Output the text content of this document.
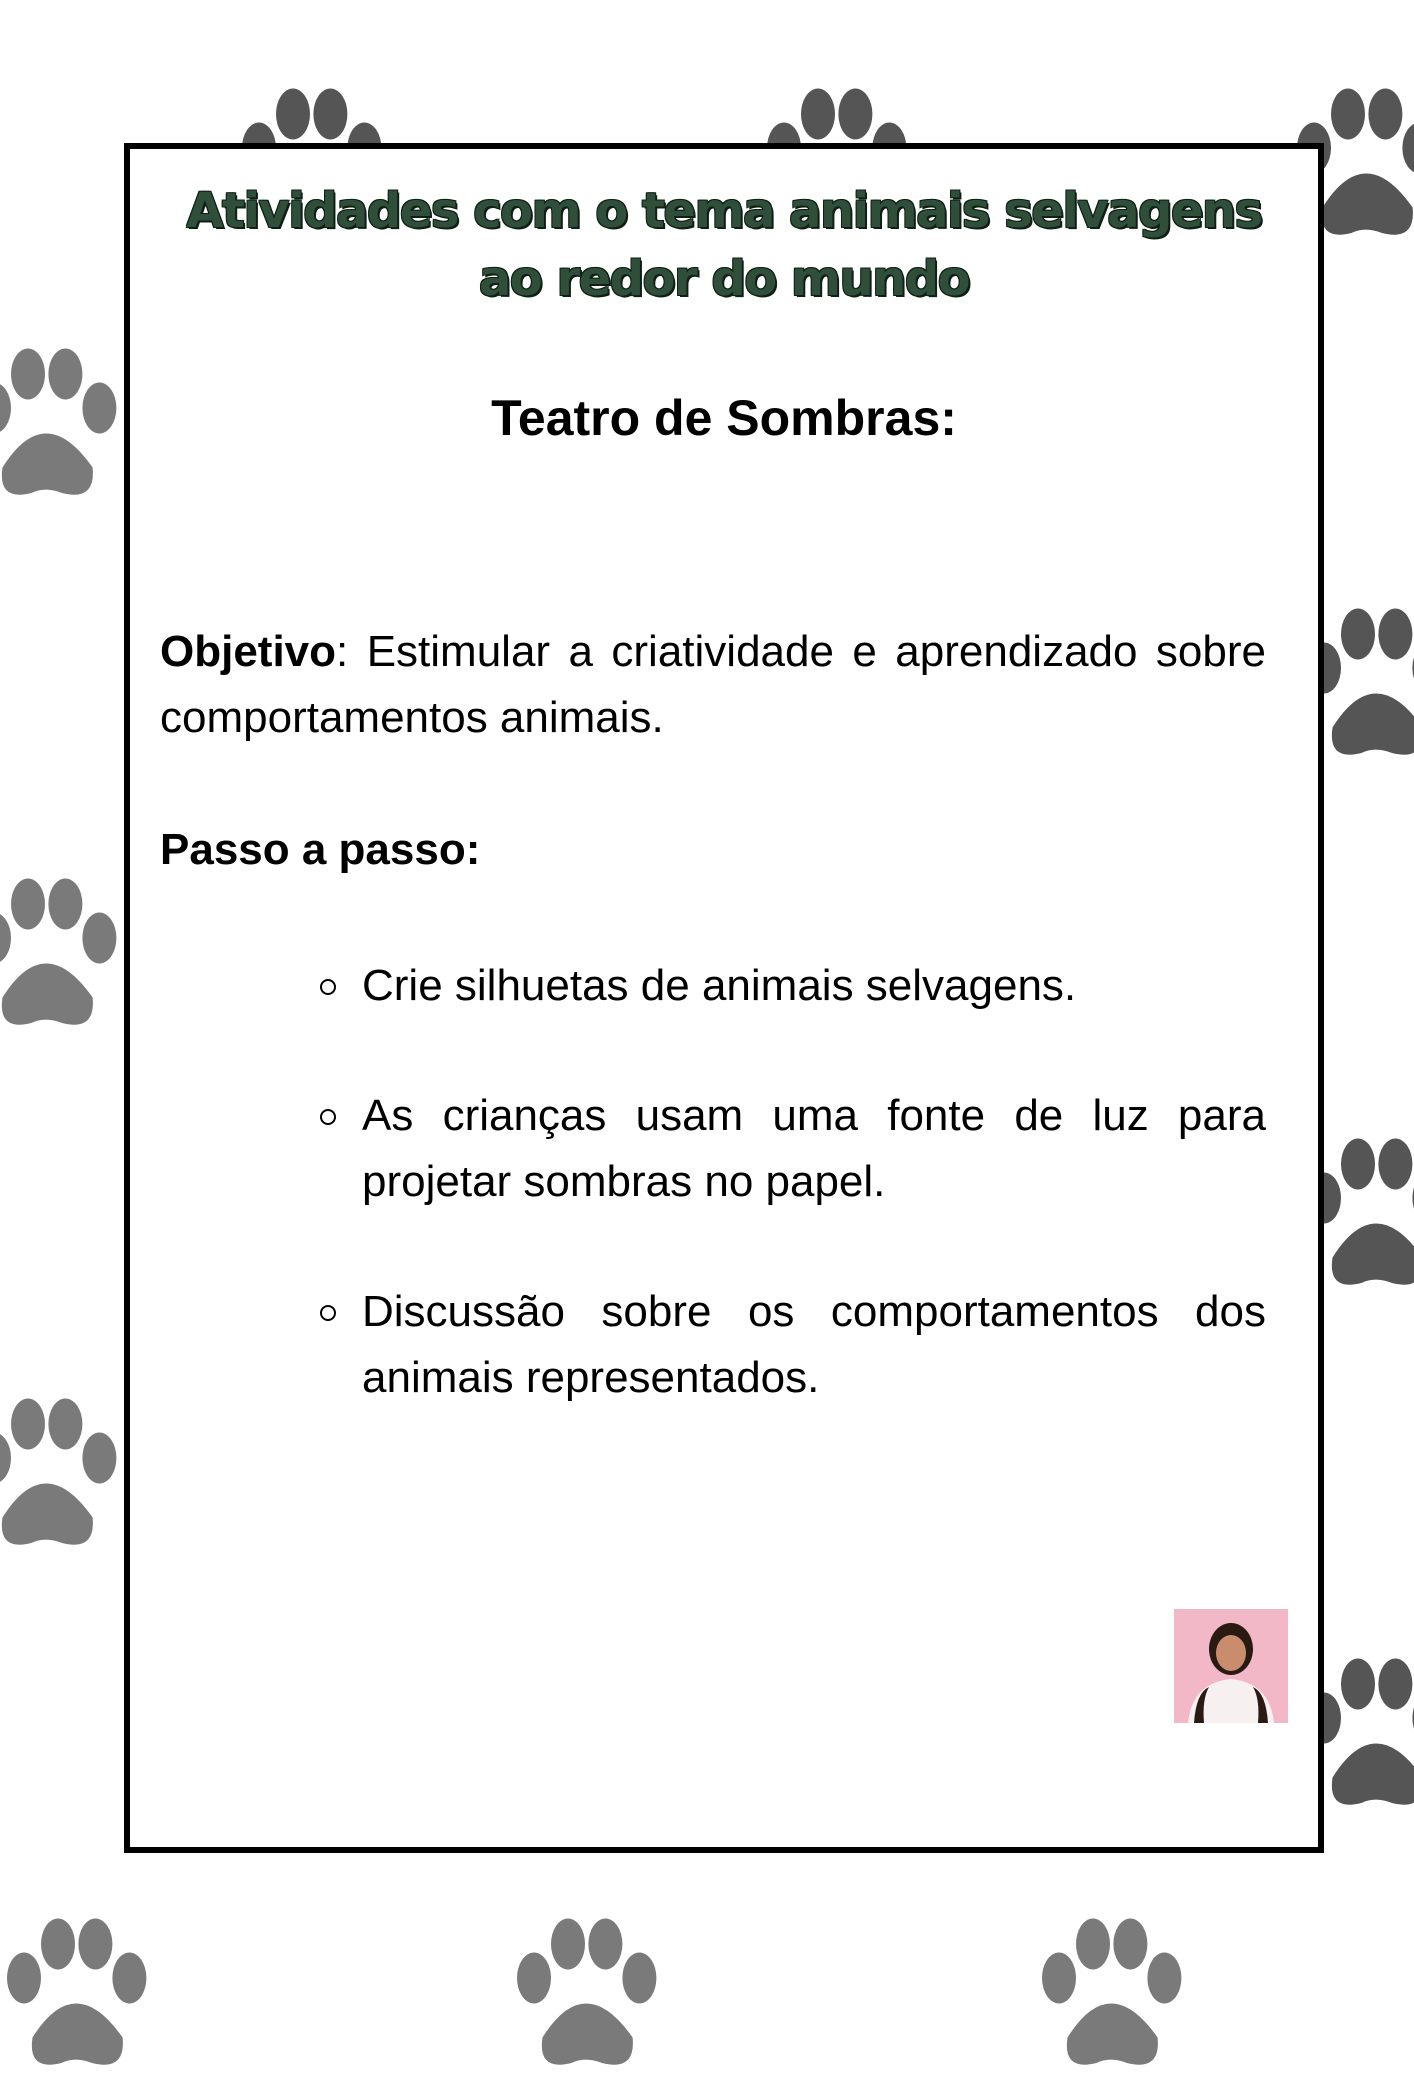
Atividades com o tema animais selvagens
ao redor do mundo
Teatro de Sombras:
Objetivo: Estimular a criatividade e aprendizado sobre comportamentos animais.
Passo a passo:
Crie silhuetas de animais selvagens.
As crianças usam uma fonte de luz para projetar sombras no papel.
Discussão sobre os comportamentos dos animais representados.
